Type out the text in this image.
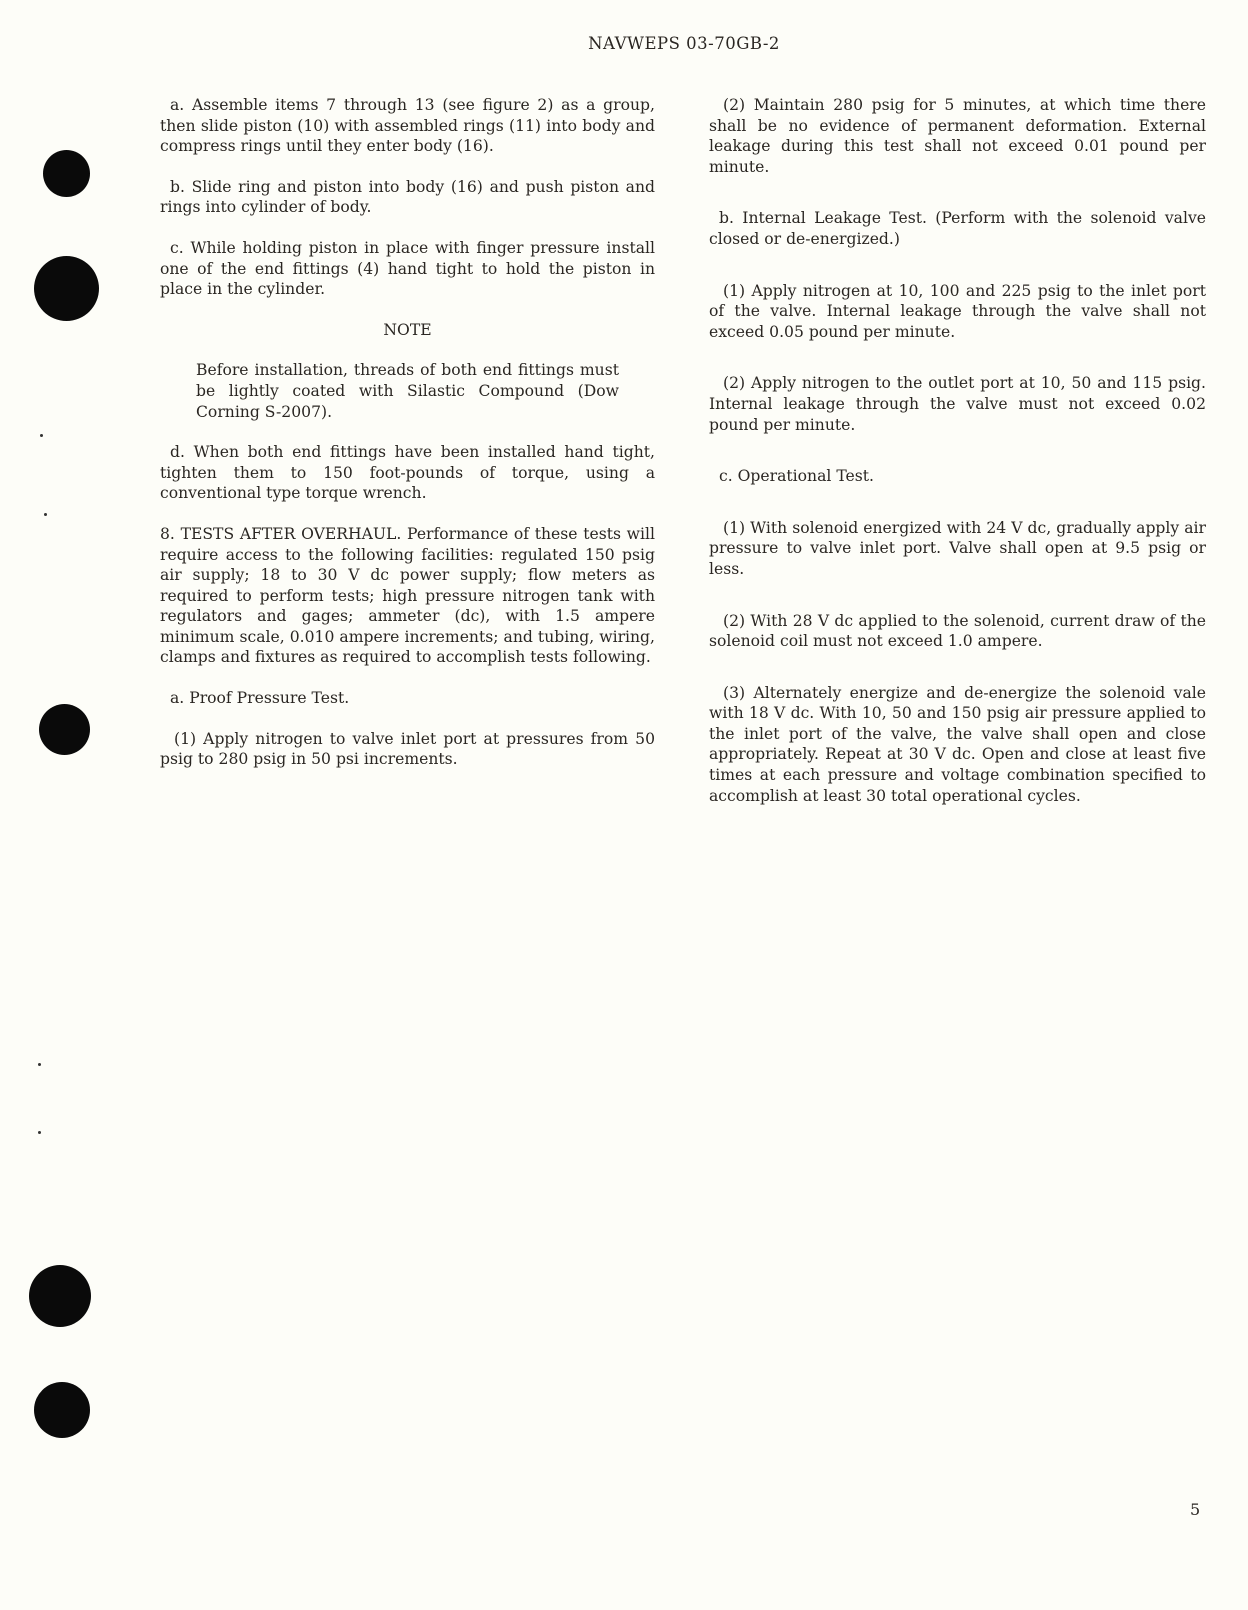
NAVWEPS 03-70GB-2

a. Assemble items 7 through 13 (see figure 2) as a group, then slide piston (10) with assembled rings (11) into body and compress rings until they enter body (16).

b. Slide ring and piston into body (16) and push piston and rings into cylinder of body.

c. While holding piston in place with finger pressure install one of the end fittings (4) hand tight to hold the piston in place in the cylinder.

NOTE

Before installation, threads of both end fittings must be lightly coated with Silastic Compound (Dow Corning S-2007).

d. When both end fittings have been installed hand tight, tighten them to 150 foot-pounds of torque, using a conventional type torque wrench.

8. TESTS AFTER OVERHAUL. Performance of these tests will require access to the following facilities: regulated 150 psig air supply; 18 to 30 V dc power supply; flow meters as required to perform tests; high pressure nitrogen tank with regulators and gages; ammeter (dc), with 1.5 ampere minimum scale, 0.010 ampere increments; and tubing, wiring, clamps and fixtures as required to accomplish tests following.

a. Proof Pressure Test.

(1) Apply nitrogen to valve inlet port at pressures from 50 psig to 280 psig in 50 psi increments.

(2) Maintain 280 psig for 5 minutes, at which time there shall be no evidence of permanent deformation. External leakage during this test shall not exceed 0.01 pound per minute.

b. Internal Leakage Test. (Perform with the solenoid valve closed or de-energized.)

(1) Apply nitrogen at 10, 100 and 225 psig to the inlet port of the valve. Internal leakage through the valve shall not exceed 0.05 pound per minute.

(2) Apply nitrogen to the outlet port at 10, 50 and 115 psig. Internal leakage through the valve must not exceed 0.02 pound per minute.

c. Operational Test.

(1) With solenoid energized with 24 V dc, gradually apply air pressure to valve inlet port. Valve shall open at 9.5 psig or less.

(2) With 28 V dc applied to the solenoid, current draw of the solenoid coil must not exceed 1.0 ampere.

(3) Alternately energize and de-energize the solenoid vale with 18 V dc. With 10, 50 and 150 psig air pressure applied to the inlet port of the valve, the valve shall open and close appropriately. Repeat at 30 V dc. Open and close at least five times at each pressure and voltage combination specified to accomplish at least 30 total operational cycles.

5
